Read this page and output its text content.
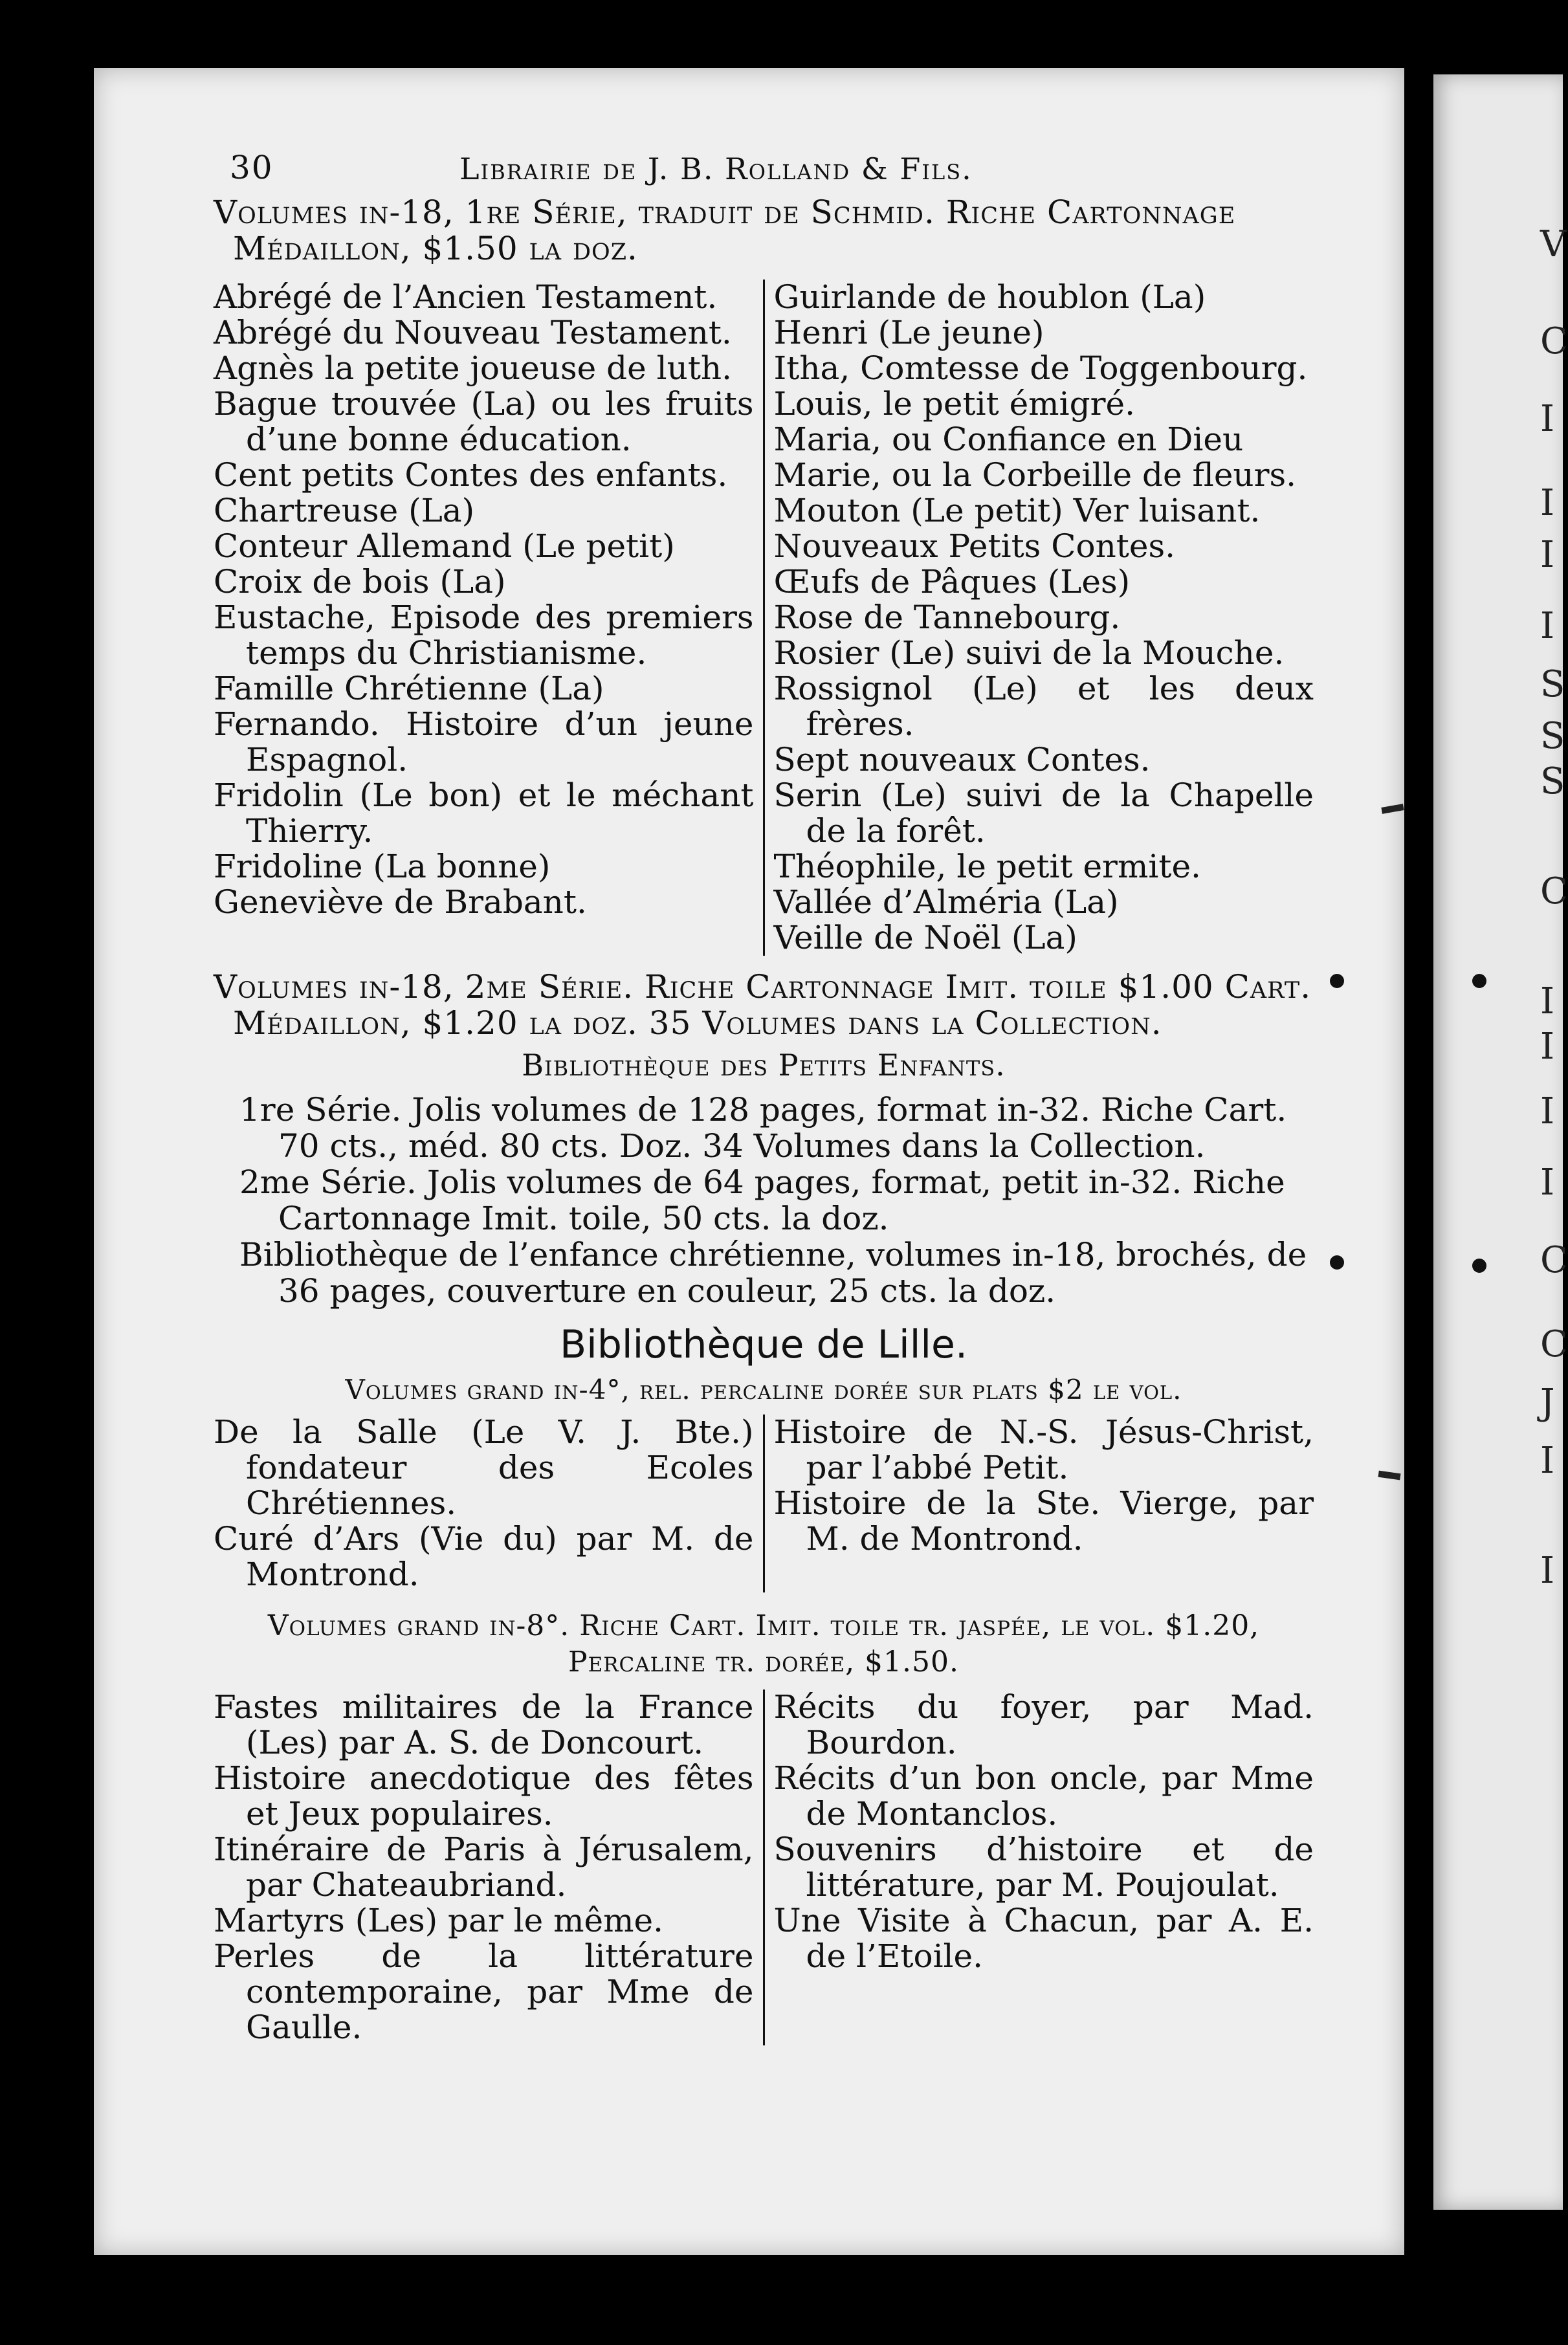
V
C
I
I
I
I
S
S
S
C
I
I
I
I
C
C
J
I
I
30	Librairie de J. B. Rolland & Fils.

Volumes in-18, 1re Série, traduit de Schmid. Riche Cartonnage Médaillon, $1.50 la doz.

Abrégé de l’Ancien Testament.
Abrégé du Nouveau Testament.
Agnès la petite joueuse de luth.
Bague trouvée (La) ou les fruits d’une bonne éducation.
Cent petits Contes des enfants.
Chartreuse (La)
Conteur Allemand (Le petit)
Croix de bois (La)
Eustache, Episode des premiers temps du Christianisme.
Famille Chrétienne (La)
Fernando. Histoire d’un jeune Espagnol.
Fridolin (Le bon) et le méchant Thierry.
Fridoline (La bonne)
Geneviève de Brabant.
Guirlande de houblon (La)
Henri (Le jeune)
Itha, Comtesse de Toggenbourg.
Louis, le petit émigré.
Maria, ou Confiance en Dieu
Marie, ou la Corbeille de fleurs.
Mouton (Le petit) Ver luisant.
Nouveaux Petits Contes.
Œufs de Pâques (Les)
Rose de Tannebourg.
Rosier (Le) suivi de la Mouche.
Rossignol (Le) et les deux frères.
Sept nouveaux Contes.
Serin (Le) suivi de la Chapelle de la forêt.
Théophile, le petit ermite.
Vallée d’Alméria (La)
Veille de Noël (La)

Volumes in-18, 2me Série. Riche Cartonnage Imit. toile $1.00 Cart. Médaillon, $1.20 la doz. 35 Volumes dans la Collection.

Bibliothèque des Petits Enfants.
1re Série. Jolis volumes de 128 pages, format in-32. Riche Cart. 70 cts., méd. 80 cts. Doz. 34 Volumes dans la Collection.
2me Série. Jolis volumes de 64 pages, format, petit in-32. Riche Cartonnage Imit. toile, 50 cts. la doz.
Bibliothèque de l’enfance chrétienne, volumes in-18, brochés, de 36 pages, couverture en couleur, 25 cts. la doz.
Bibliothèque de Lille.
Volumes grand in-4°, rel. percaline dorée sur plats $2 le vol.
De la Salle (Le V. J. Bte.) fondateur des Ecoles Chrétiennes.
Curé d’Ars (Vie du) par M. de Montrond.
Histoire de N.-S. Jésus-Christ, par l’abbé Petit.
Histoire de la Ste. Vierge, par M. de Montrond.
Volumes grand in-8°. Riche Cart. Imit. toile tr. jaspée, le vol. $1.20, Percaline tr. dorée, $1.50.
Fastes militaires de la France (Les) par A. S. de Doncourt.
Histoire anecdotique des fêtes et Jeux populaires.
Itinéraire de Paris à Jérusalem, par Chateaubriand.
Martyrs (Les) par le même.
Perles de la littérature contemporaine, par Mme de Gaulle.
Récits du foyer, par Mad. Bourdon.
Récits d’un bon oncle, par Mme de Montanclos.
Souvenirs d’histoire et de littérature, par M. Poujoulat.
Une Visite à Chacun, par A. E. de l’Etoile.
